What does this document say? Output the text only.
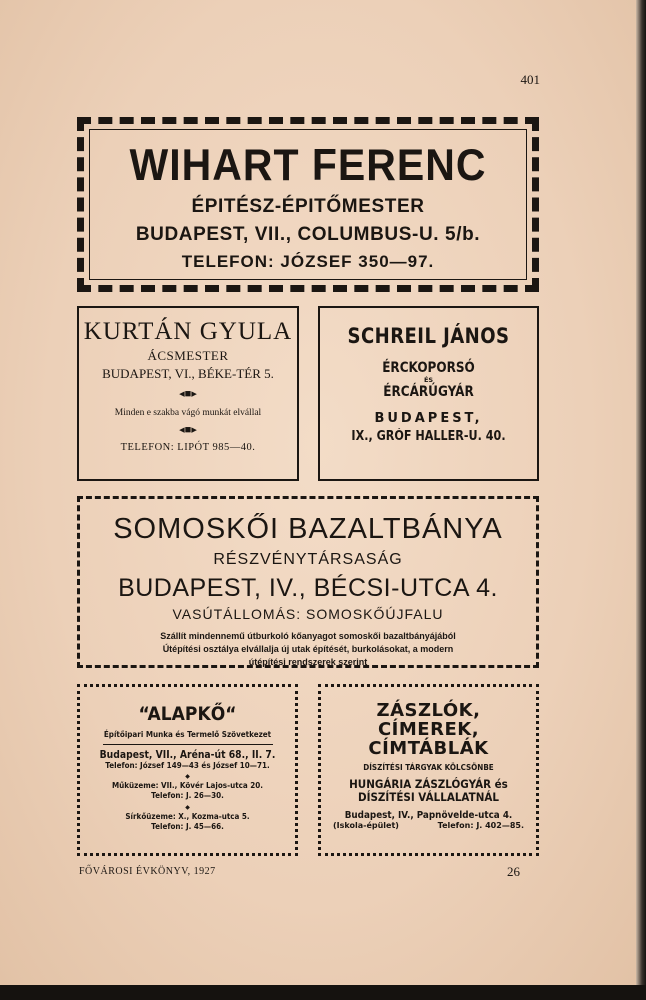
401
WIHART FERENC
ÉPITÉSZ-ÉPITŐMESTER
BUDAPEST, VII., COLUMBUS-U. 5/b.
TELEFON: JÓZSEF 350—97.
KURTÁN GYULA
ÁCSMESTER
BUDAPEST, VI., BÉKE-TÉR 5.
◂■▸
Minden e szakba vágó munkát elvállal
◂■▸
TELEFON: LIPÓT 985—40.
SCHREIL JÁNOS
ÉRCKOPORSÓ
ÉS
ÉRCÁRÚGYÁR
BUDAPEST,
IX., GRÓF HALLER-U. 40.
SOMOSKŐI BAZALTBÁNYA
RÉSZVÉNYTÁRSASÁG
BUDAPEST, IV., BÉCSI-UTCA 4.
VASÚTÁLLOMÁS: SOMOSKŐÚJFALU
Szállít mindennemű útburkoló kőanyagot somoskői bazaltbányájából
Útépítési osztálya elvállalja új utak építését, burkolásokat, a modern
útépítési rendszerek szerint
“ALAPKŐ“
Építőipari Munka és Termelő Szövetkezet
Budapest, VII., Aréna-út 68., II. 7.
Telefon: József 149—43 és József 10—71.
◆
Műküzeme: VII., Kövér Lajos-utca 20.
Telefon: J. 26—30.
◆
Sírkőüzeme: X., Kozma-utca 5.
Telefon: J. 45—66.
ZÁSZLÓK,
CÍMEREK,
CÍMTÁBLÁK
DÍSZÍTÉSI TÁRGYAK KÖLCSÖNBE
HUNGÁRIA ZÁSZLÓGYÁR és
DÍSZÍTÉSI VÁLLALATNÁL
Budapest, IV., Papnövelde-utca 4.
(Iskola-épület)	Telefon: J. 402—85.
FŐVÁROSI ÉVKÖNYV, 1927	26
